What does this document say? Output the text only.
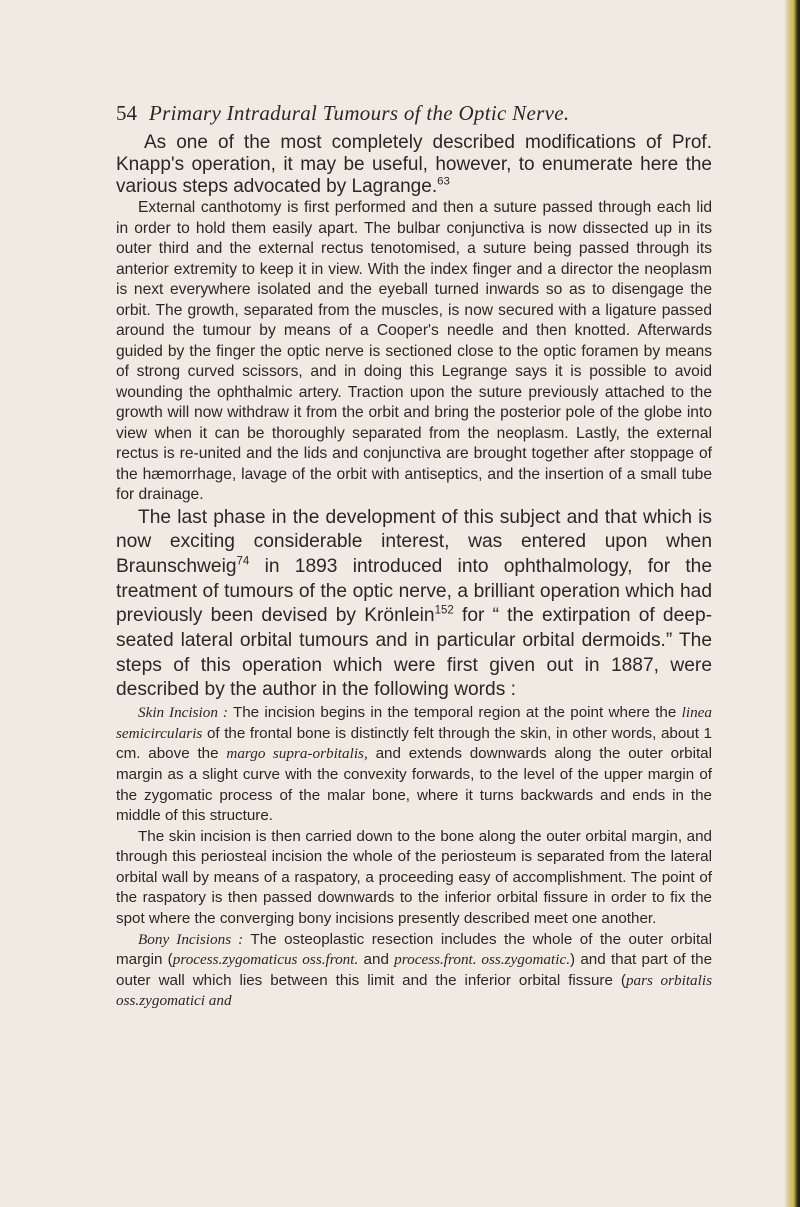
54 Primary Intradural Tumours of the Optic Nerve.

As one of the most completely described modifications of Prof. Knapp's operation, it may be useful, however, to enumerate here the various steps advocated by Lagrange.$^{63}$

External canthotomy is first performed and then a suture passed through each lid in order to hold them easily apart. The bulbar conjunctiva is now dissected up in its outer third and the external rectus tenotomised, a suture being passed through its anterior extremity to keep it in view. With the index finger and a director the neoplasm is next everywhere isolated and the eyeball turned inwards so as to disengage the orbit. The growth, separated from the muscles, is now secured with a ligature passed around the tumour by means of a Cooper's needle and then knotted. Afterwards guided by the finger the optic nerve is sectioned close to the optic foramen by means of strong curved scissors, and in doing this Legrange says it is possible to avoid wounding the ophthalmic artery. Traction upon the suture previously attached to the growth will now withdraw it from the orbit and bring the posterior pole of the globe into view when it can be thoroughly separated from the neoplasm. Lastly, the external rectus is re-united and the lids and conjunctiva are brought together after stoppage of the hæmorrhage, lavage of the orbit with antiseptics, and the insertion of a small tube for drainage.

The last phase in the development of this subject and that which is now exciting considerable interest, was entered upon when Braunschweig$^{74}$ in 1893 introduced into ophthalmology, for the treatment of tumours of the optic nerve, a brilliant operation which had previously been devised by Krönlein$^{152}$ for “ the extirpation of deep-seated lateral orbital tumours and in particular orbital dermoids.” The steps of this operation which were first given out in 1887, were described by the author in the following words :

Skin Incision : The incision begins in the temporal region at the point where the linea semicircularis of the frontal bone is distinctly felt through the skin, in other words, about 1 cm. above the margo supra-orbitalis, and extends downwards along the outer orbital margin as a slight curve with the convexity forwards, to the level of the upper margin of the zygomatic process of the malar bone, where it turns backwards and ends in the middle of this structure.

The skin incision is then carried down to the bone along the outer orbital margin, and through this periosteal incision the whole of the periosteum is separated from the lateral orbital wall by means of a raspatory, a proceeding easy of accomplishment. The point of the raspatory is then passed downwards to the inferior orbital fissure in order to fix the spot where the converging bony incisions presently described meet one another.

Bony Incisions : The osteoplastic resection includes the whole of the outer orbital margin (process.zygomaticus oss.front. and process.front. oss.zygomatic.) and that part of the outer wall which lies between this limit and the inferior orbital fissure (pars orbitalis oss.zygomatici and
